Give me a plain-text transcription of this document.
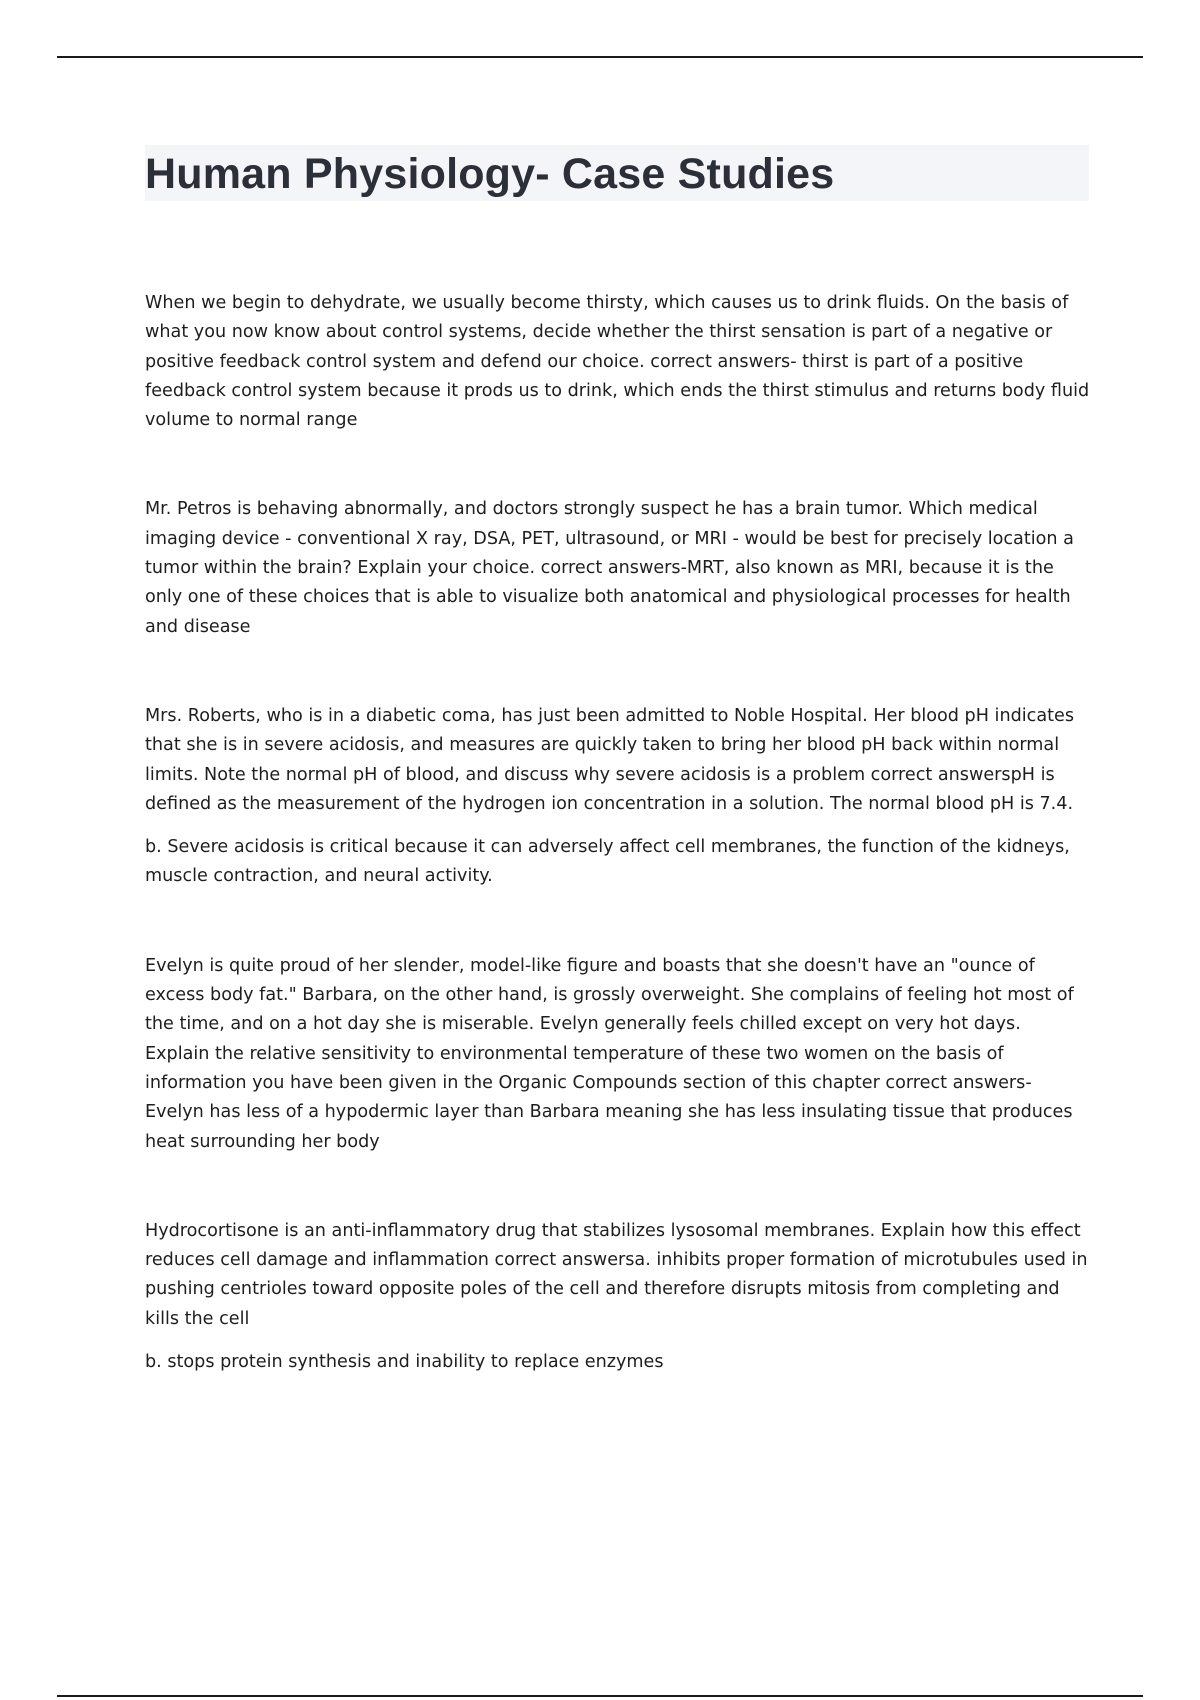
Human Physiology- Case Studies

When we begin to dehydrate, we usually become thirsty, which causes us to drink fluids. On the basis of what you now know about control systems, decide whether the thirst sensation is part of a negative or positive feedback control system and defend our choice. correct answers- thirst is part of a positive feedback control system because it prods us to drink, which ends the thirst stimulus and returns body fluid volume to normal range

Mr. Petros is behaving abnormally, and doctors strongly suspect he has a brain tumor. Which medical imaging device - conventional X ray, DSA, PET, ultrasound, or MRI - would be best for precisely location a tumor within the brain? Explain your choice. correct answers-MRT, also known as MRI, because it is the only one of these choices that is able to visualize both anatomical and physiological processes for health and disease

Mrs. Roberts, who is in a diabetic coma, has just been admitted to Noble Hospital. Her blood pH indicates that she is in severe acidosis, and measures are quickly taken to bring her blood pH back within normal limits. Note the normal pH of blood, and discuss why severe acidosis is a problem correct answerspH is defined as the measurement of the hydrogen ion concentration in a solution. The normal blood pH is 7.4.

b. Severe acidosis is critical because it can adversely affect cell membranes, the function of the kidneys, muscle contraction, and neural activity.

Evelyn is quite proud of her slender, model-like figure and boasts that she doesn't have an "ounce of excess body fat." Barbara, on the other hand, is grossly overweight. She complains of feeling hot most of the time, and on a hot day she is miserable. Evelyn generally feels chilled except on very hot days. Explain the relative sensitivity to environmental temperature of these two women on the basis of information you have been given in the Organic Compounds section of this chapter correct answers- Evelyn has less of a hypodermic layer than Barbara meaning she has less insulating tissue that produces heat surrounding her body

Hydrocortisone is an anti-inflammatory drug that stabilizes lysosomal membranes. Explain how this effect reduces cell damage and inflammation correct answersa. inhibits proper formation of microtubules used in pushing centrioles toward opposite poles of the cell and therefore disrupts mitosis from completing and kills the cell

b. stops protein synthesis and inability to replace enzymes
